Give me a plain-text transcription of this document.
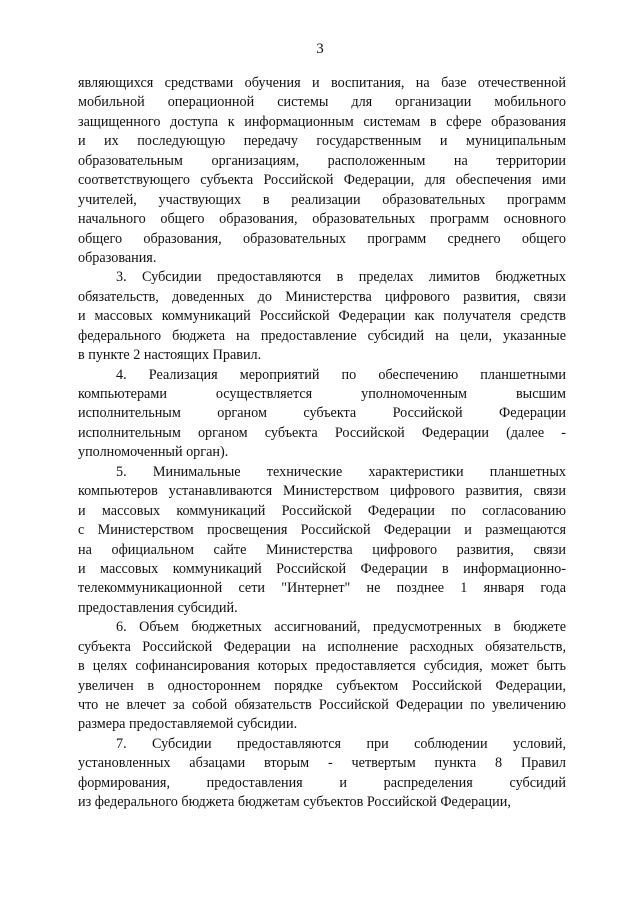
3
являющихся средствами обучения и воспитания, на базе отечественной
мобильной операционной системы для организации мобильного
защищенного доступа к информационным системам в сфере образования
и их последующую передачу государственным и муниципальным
образовательным организациям, расположенным на территории
соответствующего субъекта Российской Федерации, для обеспечения ими
учителей, участвующих в реализации образовательных программ
начального общего образования, образовательных программ основного
общего образования, образовательных программ среднего общего
образования.
3. Субсидии предоставляются в пределах лимитов бюджетных
обязательств, доведенных до Министерства цифрового развития, связи
и массовых коммуникаций Российской Федерации как получателя средств
федерального бюджета на предоставление субсидий на цели, указанные
в пункте 2 настоящих Правил.
4. Реализация мероприятий по обеспечению планшетными
компьютерами осуществляется уполномоченным высшим
исполнительным органом субъекта Российской Федерации
исполнительным органом субъекта Российской Федерации (далее -
уполномоченный орган).
5. Минимальные технические характеристики планшетных
компьютеров устанавливаются Министерством цифрового развития, связи
и массовых коммуникаций Российской Федерации по согласованию
с Министерством просвещения Российской Федерации и размещаются
на официальном сайте Министерства цифрового развития, связи
и массовых коммуникаций Российской Федерации в информационно-
телекоммуникационной сети "Интернет" не позднее 1 января года
предоставления субсидий.
6. Объем бюджетных ассигнований, предусмотренных в бюджете
субъекта Российской Федерации на исполнение расходных обязательств,
в целях софинансирования которых предоставляется субсидия, может быть
увеличен в одностороннем порядке субъектом Российской Федерации,
что не влечет за собой обязательств Российской Федерации по увеличению
размера предоставляемой субсидии.
7. Субсидии предоставляются при соблюдении условий,
установленных абзацами вторым - четвертым пункта 8 Правил
формирования, предоставления и распределения субсидий
из федерального бюджета бюджетам субъектов Российской Федерации,
